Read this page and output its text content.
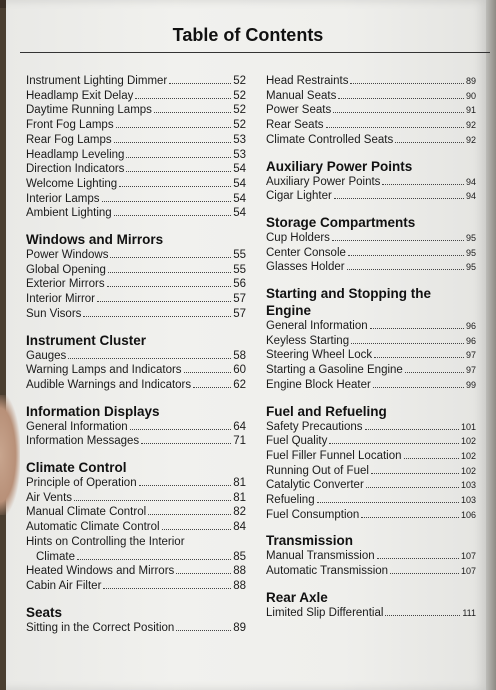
Table of Contents
Instrument Lighting Dimmer	52
Headlamp Exit Delay	52
Daytime Running Lamps	52
Front Fog Lamps	52
Rear Fog Lamps	53
Headlamp Leveling	53
Direction Indicators	54
Welcome Lighting	54
Interior Lamps	54
Ambient Lighting	54
Windows and Mirrors
Power Windows	55
Global Opening	55
Exterior Mirrors	56
Interior Mirror	57
Sun Visors	57
Instrument Cluster
Gauges	58
Warning Lamps and Indicators	60
Audible Warnings and Indicators	62
Information Displays
General Information	64
Information Messages	71
Climate Control
Principle of Operation	81
Air Vents	81
Manual Climate Control	82
Automatic Climate Control	84
Hints on Controlling the Interior
Climate	85
Heated Windows and Mirrors	88
Cabin Air Filter	88
Seats
Sitting in the Correct Position	89
Head Restraints	89
Manual Seats	90
Power Seats	91
Rear Seats	92
Climate Controlled Seats	92
Auxiliary Power Points
Auxiliary Power Points	94
Cigar Lighter	94
Storage Compartments
Cup Holders	95
Center Console	95
Glasses Holder	95
Starting and Stopping the Engine
General Information	96
Keyless Starting	96
Steering Wheel Lock	97
Starting a Gasoline Engine	97
Engine Block Heater	99
Fuel and Refueling
Safety Precautions	101
Fuel Quality	102
Fuel Filler Funnel Location	102
Running Out of Fuel	102
Catalytic Converter	103
Refueling	103
Fuel Consumption	106
Transmission
Manual Transmission	107
Automatic Transmission	107
Rear Axle
Limited Slip Differential	111
